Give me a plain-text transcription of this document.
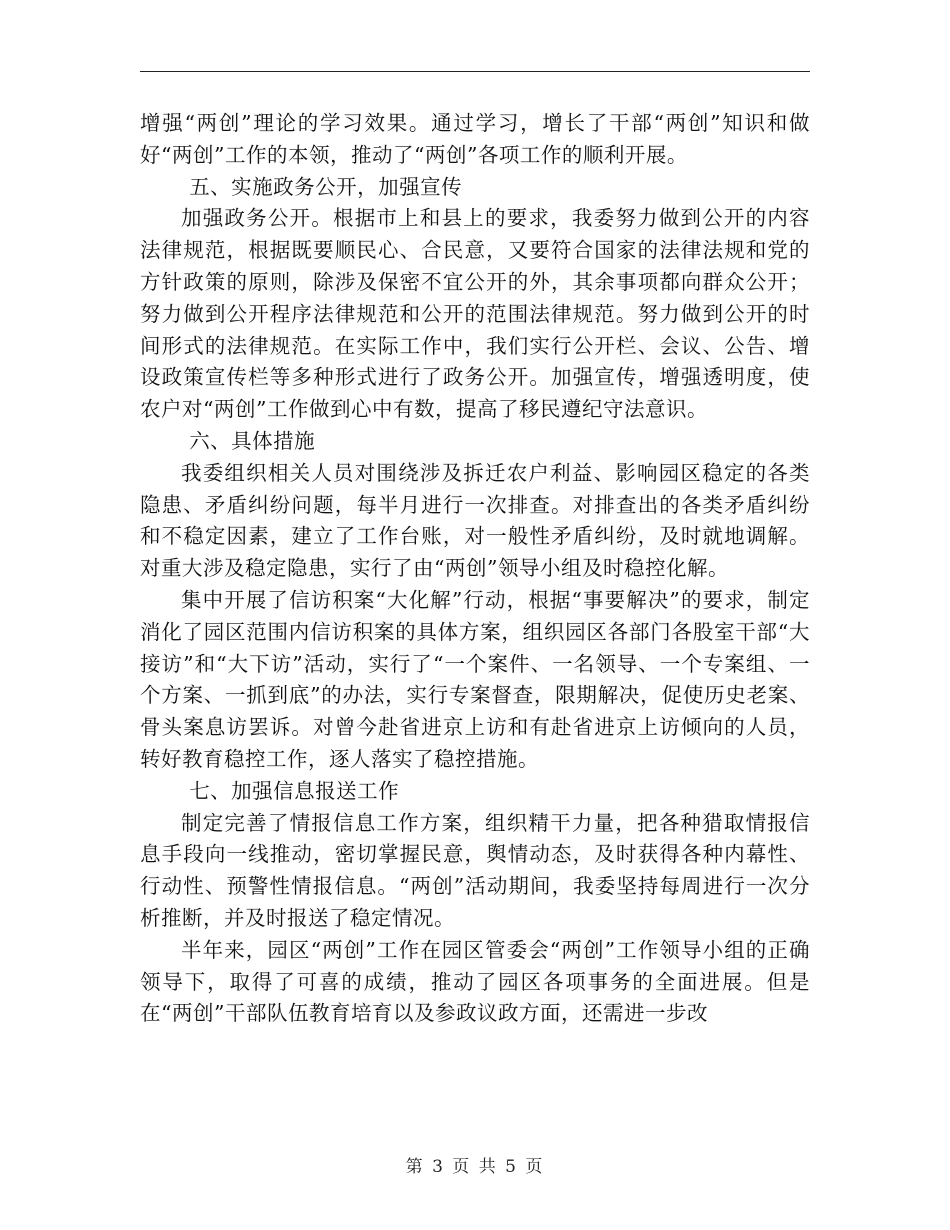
增强“两创”理论的学习效果。通过学习，增长了干部“两创”知识和做好“两创”工作的本领，推动了“两创”各项工作的顺利开展。

五、实施政务公开，加强宣传

加强政务公开。根据市上和县上的要求，我委努力做到公开的内容法律规范，根据既要顺民心、合民意，又要符合国家的法律法规和党的方针政策的原则，除涉及保密不宜公开的外，其余事项都向群众公开；努力做到公开程序法律规范和公开的范围法律规范。努力做到公开的时间形式的法律规范。在实际工作中，我们实行公开栏、会议、公告、增设政策宣传栏等多种形式进行了政务公开。加强宣传，增强透明度，使农户对“两创”工作做到心中有数，提高了移民遵纪守法意识。

六、具体措施

我委组织相关人员对围绕涉及拆迁农户利益、影响园区稳定的各类隐患、矛盾纠纷问题，每半月进行一次排查。对排查出的各类矛盾纠纷和不稳定因素，建立了工作台账，对一般性矛盾纠纷，及时就地调解。对重大涉及稳定隐患，实行了由“两创”领导小组及时稳控化解。

集中开展了信访积案“大化解”行动，根据“事要解决”的要求，制定消化了园区范围内信访积案的具体方案，组织园区各部门各股室干部“大接访”和“大下访”活动，实行了“一个案件、一名领导、一个专案组、一个方案、一抓到底”的办法，实行专案督查，限期解决，促使历史老案、骨头案息访罢诉。对曾今赴省进京上访和有赴省进京上访倾向的人员，转好教育稳控工作，逐人落实了稳控措施。

七、加强信息报送工作

制定完善了情报信息工作方案，组织精干力量，把各种猎取情报信息手段向一线推动，密切掌握民意，舆情动态，及时获得各种内幕性、行动性、预警性情报信息。“两创”活动期间，我委坚持每周进行一次分析推断，并及时报送了稳定情况。

半年来，园区“两创”工作在园区管委会“两创”工作领导小组的正确领导下，取得了可喜的成绩，推动了园区各项事务的全面进展。但是在“两创”干部队伍教育培育以及参政议政方面，还需进一步改

第 3 页 共 5 页
